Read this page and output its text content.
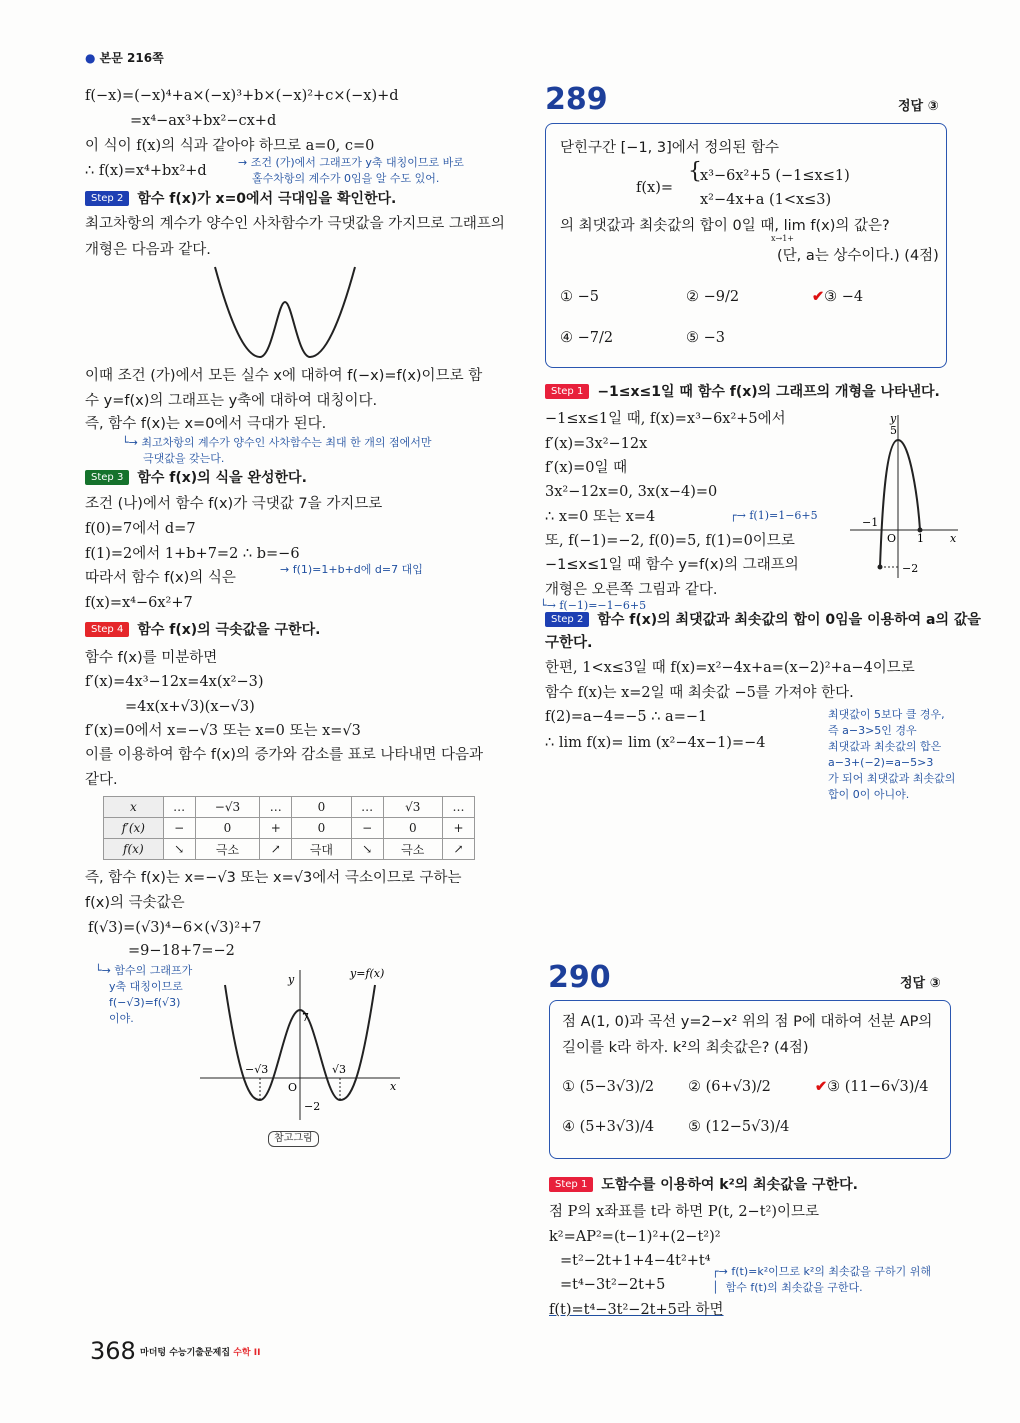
● 본문 216쪽
f(−x)=(−x)⁴+a×(−x)³+b×(−x)²+c×(−x)+d
=x⁴−ax³+bx²−cx+d
이 식이 f(x)의 식과 같아야 하므로 a=0, c=0
∴ f(x)=x⁴+bx²+d
→ 조건 (가)에서 그래프가 y축 대칭이므로 바로
홀수차항의 계수가 0임을 알 수도 있어.
Step 2 함수 f(x)가 x=0에서 극대임을 확인한다.
최고차항의 계수가 양수인 사차함수가 극댓값을 가지므로 그래프의
개형은 다음과 같다.
이때 조건 (가)에서 모든 실수 x에 대하여 f(−x)=f(x)이므로 함
수 y=f(x)의 그래프는 y축에 대하여 대칭이다.
즉, 함수 f(x)는 x=0에서 극대가 된다.
└→ 최고차항의 계수가 양수인 사차함수는 최대 한 개의 점에서만
극댓값을 갖는다.
Step 3 함수 f(x)의 식을 완성한다.
조건 (나)에서 함수 f(x)가 극댓값 7을 가지므로
f(0)=7에서 d=7
f(1)=2에서 1+b+7=2 ∴ b=−6
→ f(1)=1+b+d에 d=7 대입
따라서 함수 f(x)의 식은
f(x)=x⁴−6x²+7
Step 4 함수 f(x)의 극솟값을 구한다.
함수 f(x)를 미분하면
f′(x)=4x³−12x=4x(x²−3)
=4x(x+√3)(x−√3)
f′(x)=0에서 x=−√3 또는 x=0 또는 x=√3
이를 이용하여 함수 f(x)의 증가와 감소를 표로 나타내면 다음과
같다.
x	…	−√3	…	0	…	√3	…
f′(x)	−	0	+	0	−	0	+
f(x)	↘	극소	↗	극대	↘	극소	↗
즉, 함수 f(x)는 x=−√3 또는 x=√3에서 극소이므로 구하는
f(x)의 극솟값은
f(√3)=(√3)⁴−6×(√3)²+7
=9−18+7=−2
└→ 함수의 그래프가
y축 대칭이므로
f(−√3)=f(√3)
이야.
y
x
y=f(x)
7
O
−√3	√3
−2
참고그림
289	정답 ③
닫힌구간 [−1, 3]에서 정의된 함수
f(x)=
{
x³−6x²+5 (−1≤x≤1)
x²−4x+a (1<x≤3)
의 최댓값과 최솟값의 합이 0일 때, lim f(x)의 값은?
x→1+
(단, a는 상수이다.) (4점)
① −5	② −9/2	✔③ −4
④ −7/2	⑤ −3
Step 1 −1≤x≤1일 때 함수 f(x)의 그래프의 개형을 나타낸다.
−1≤x≤1일 때, f(x)=x³−6x²+5에서
f′(x)=3x²−12x
f′(x)=0일 때
3x²−12x=0, 3x(x−4)=0
∴ x=0 또는 x=4	┌→ f(1)=1−6+5
또, f(−1)=−2, f(0)=5, f(1)=0이므로
−1≤x≤1일 때 함수 y=f(x)의 그래프의
개형은 오른쪽 그림과 같다.
└→ f(−1)=−1−6+5
y
x
5
−1
O 1
−2
Step 2 함수 f(x)의 최댓값과 최솟값의 합이 0임을 이용하여 a의 값을
구한다.
한편, 1<x≤3일 때 f(x)=x²−4x+a=(x−2)²+a−4이므로
함수 f(x)는 x=2일 때 최솟값 −5를 가져야 한다.
f(2)=a−4=−5 ∴ a=−1
∴ lim f(x)= lim (x²−4x−1)=−4
최댓값이 5보다 클 경우,
즉 a−3>5인 경우
최댓값과 최솟값의 합은
a−3+(−2)=a−5>3
가 되어 최댓값과 최솟값의
합이 0이 아니야.
290	정답 ③
점 A(1, 0)과 곡선 y=2−x² 위의 점 P에 대하여 선분 AP의
길이를 k라 하자. k²의 최솟값은? (4점)
① (5−3√3)/2 ② (6+√3)/2	✔③ (11−6√3)/4
④ (5+3√3)/4 ⑤ (12−5√3)/4
Step 1 도함수를 이용하여 k²의 최솟값을 구한다.
점 P의 x좌표를 t라 하면 P(t, 2−t²)이므로
k²=AP²=(t−1)²+(2−t²)²
=t²−2t+1+4−4t²+t⁴
=t⁴−3t²−2t+5
┌→ f(t)=k²이므로 k²의 최솟값을 구하기 위해
│  함수 f(t)의 최솟값을 구한다.
f(t)=t⁴−3t²−2t+5라 하면
368 마더텅 수능기출문제집 수학 II
